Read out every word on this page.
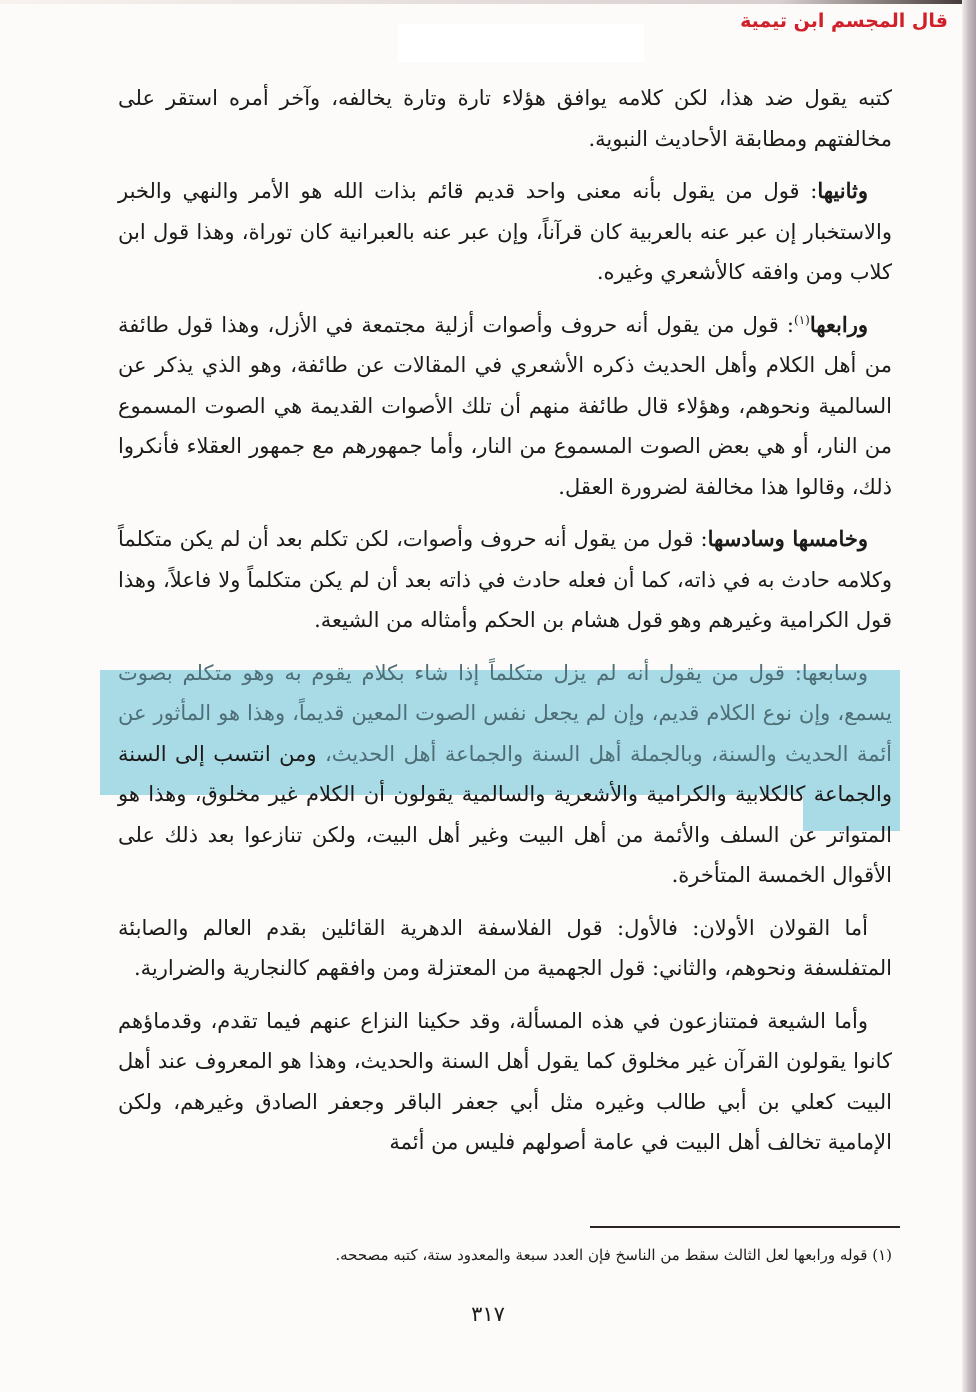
قال المجسم ابن تيمية

كتبه يقول ضد هذا، لكن كلامه يوافق هؤلاء تارة وتارة يخالفه، وآخر أمره استقر على مخالفتهم ومطابقة الأحاديث النبوية.

وثانيها: قول من يقول بأنه معنى واحد قديم قائم بذات الله هو الأمر والنهي والخبر والاستخبار إن عبر عنه بالعربية كان قرآناً، وإن عبر عنه بالعبرانية كان توراة، وهذا قول ابن كلاب ومن وافقه كالأشعري وغيره.

ورابعها$^{(١)}$: قول من يقول أنه حروف وأصوات أزلية مجتمعة في الأزل، وهذا قول طائفة من أهل الكلام وأهل الحديث ذكره الأشعري في المقالات عن طائفة، وهو الذي يذكر عن السالمية ونحوهم، وهؤلاء قال طائفة منهم أن تلك الأصوات القديمة هي الصوت المسموع من النار، أو هي بعض الصوت المسموع من النار، وأما جمهورهم مع جمهور العقلاء فأنكروا ذلك، وقالوا هذا مخالفة لضرورة العقل.

وخامسها وسادسها: قول من يقول أنه حروف وأصوات، لكن تكلم بعد أن لم يكن متكلماً وكلامه حادث به في ذاته، كما أن فعله حادث في ذاته بعد أن لم يكن متكلماً ولا فاعلاً، وهذا قول الكرامية وغيرهم وهو قول هشام بن الحكم وأمثاله من الشيعة.

وسابعها: قول من يقول أنه لم يزل متكلماً إذا شاء بكلام يقوم به وهو متكلم بصوت يسمع، وإن نوع الكلام قديم، وإن لم يجعل نفس الصوت المعين قديماً، وهذا هو المأثور عن أئمة الحديث والسنة، وبالجملة أهل السنة والجماعة أهل الحديث، ومن انتسب إلى السنة والجماعة كالكلابية والكرامية والأشعرية والسالمية يقولون أن الكلام غير مخلوق، وهذا هو المتواتر عن السلف والأئمة من أهل البيت وغير أهل البيت، ولكن تنازعوا بعد ذلك على الأقوال الخمسة المتأخرة.

أما القولان الأولان: فالأول: قول الفلاسفة الدهرية القائلين بقدم العالم والصابئة المتفلسفة ونحوهم، والثاني: قول الجهمية من المعتزلة ومن وافقهم كالنجارية والضرارية.

وأما الشيعة فمتنازعون في هذه المسألة، وقد حكينا النزاع عنهم فيما تقدم، وقدماؤهم كانوا يقولون القرآن غير مخلوق كما يقول أهل السنة والحديث، وهذا هو المعروف عند أهل البيت كعلي بن أبي طالب وغيره مثل أبي جعفر الباقر وجعفر الصادق وغيرهم، ولكن الإمامية تخالف أهل البيت في عامة أصولهم فليس من أئمة

(١) قوله ورابعها لعل الثالث سقط من الناسخ فإن العدد سبعة والمعدود ستة، كتبه مصححه.
٣١٧
